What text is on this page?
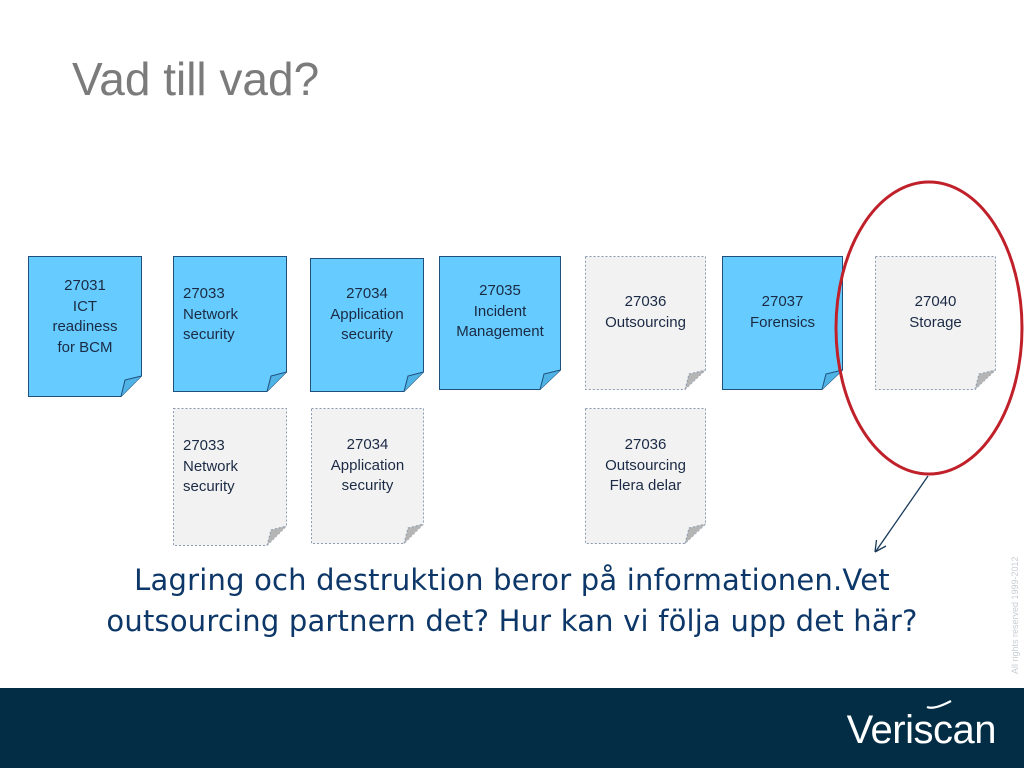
Vad till vad?
27031
ICT
readiness
for BCM
27033
Network
security
27034
Application
security
27035
Incident
Management
27036
Outsourcing
27037
Forensics
27040
Storage
27033
Network
security
27034
Application
security
27036
Outsourcing
Flera delar
Lagring och destruktion beror på informationen.Vet
outsourcing partnern det? Hur kan vi följa upp det här?	All rights reserved 1999-2012
Veriscan
